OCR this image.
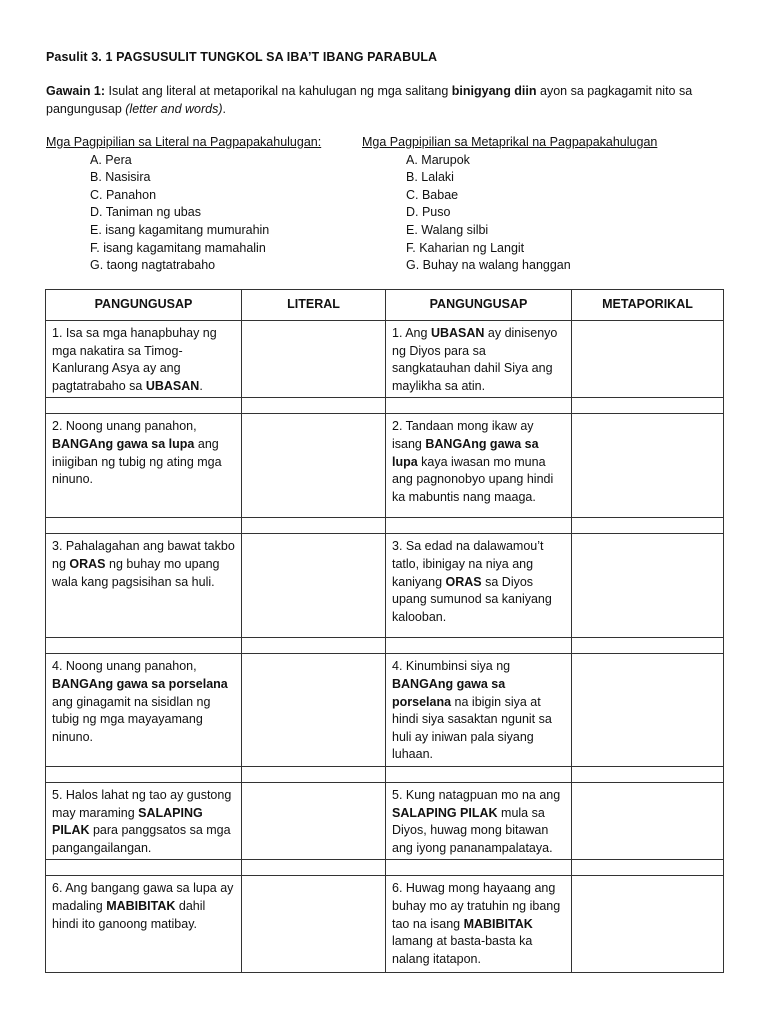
Pasulit 3. 1 PAGSUSULIT TUNGKOL SA IBA’T IBANG PARABULA
Gawain 1: Isulat ang literal at metaporikal na kahulugan ng mga salitang binigyang diin ayon sa pagkagamit nito sa pangungusap (letter and words).
Mga Pagpipilian sa Literal na Pagpapakahulugan:
A. Pera
B. Nasisira
C. Panahon
D. Taniman ng ubas
E. isang kagamitang mumurahin
F. isang kagamitang mamahalin
G. taong nagtatrabaho
Mga Pagpipilian sa Metaprikal na Pagpapakahulugan
A. Marupok
B. Lalaki
C. Babae
D. Puso
E. Walang silbi
F. Kaharian ng Langit
G. Buhay na walang hanggan
PANGUNGUSAP	LITERAL	PANGUNGUSAP	METAPORIKAL

1. Isa sa mga hanapbuhay ng mga nakatira sa Timog-Kanlurang Asya ay ang pagtatrabaho sa UBASAN.		1. Ang UBASAN ay dinisenyo ng Diyos para sa sangkatauhan dahil Siya ang maylikha sa atin.	

2. Noong unang panahon, BANGAng gawa sa lupa ang iniigiban ng tubig ng ating mga ninuno.		2. Tandaan mong ikaw ay isang BANGAng gawa sa lupa kaya iwasan mo muna ang pagnonobyo upang hindi ka mabuntis nang maaga.	

3. Pahalagahan ang bawat takbo ng ORAS ng buhay mo upang wala kang pagsisihan sa huli.		3. Sa edad na dalawamou’t tatlo, ibinigay na niya ang kaniyang ORAS sa Diyos upang sumunod sa kaniyang kalooban.	

4. Noong unang panahon, BANGAng gawa sa porselana ang ginagamit na sisidlan ng tubig ng mga mayayamang ninuno.		4. Kinumbinsi siya ng BANGAng gawa sa porselana na ibigin siya at hindi siya sasaktan ngunit sa huli ay iniwan pala siyang luhaan.	

5. Halos lahat ng tao ay gustong may maraming SALAPING PILAK para panggsatos sa mga pangangailangan.		5. Kung natagpuan mo na ang SALAPING PILAK mula sa Diyos, huwag mong bitawan ang iyong pananampalataya.	

6. Ang bangang gawa sa lupa ay madaling MABIBITAK dahil hindi ito ganoong matibay.		6. Huwag mong hayaang ang buhay mo ay tratuhin ng ibang tao na isang MABIBITAK lamang at basta-basta ka nalang itatapon.	
